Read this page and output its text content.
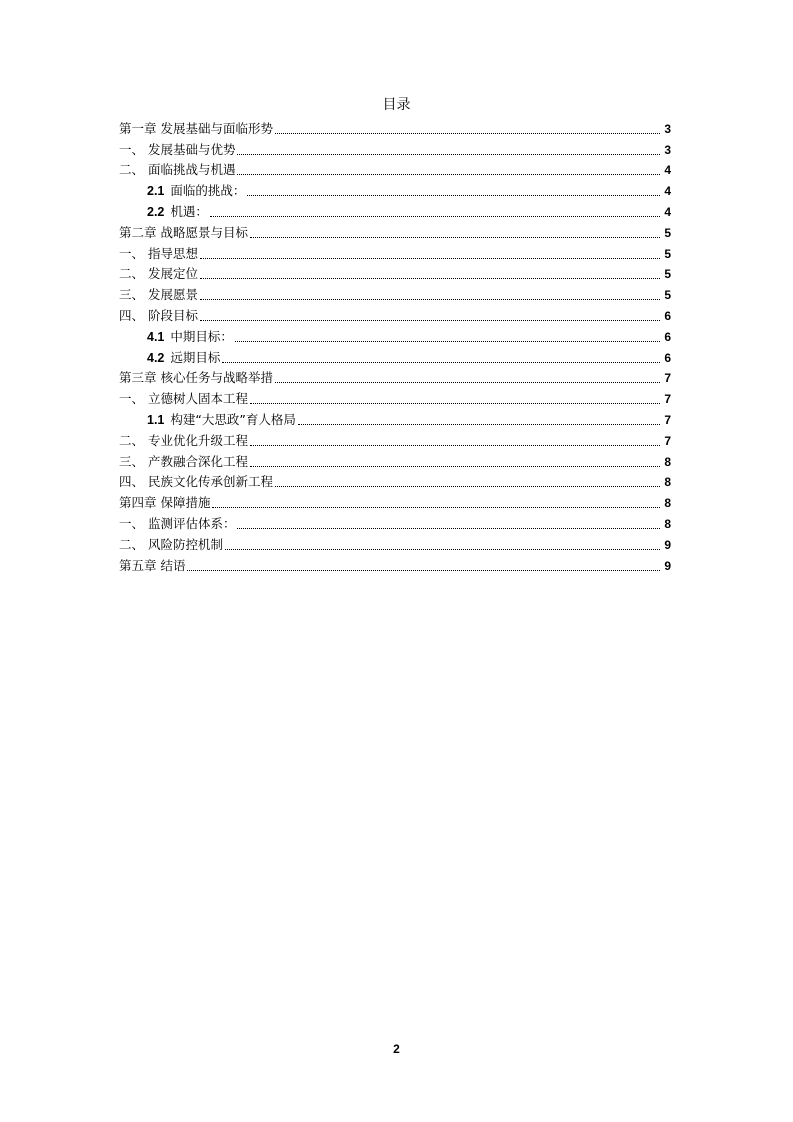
目录
第一章 发展基础与面临形势	3
一、 发展基础与优势	3
二、 面临挑战与机遇	4
2.1 面临的挑战：	4
2.2 机遇：	4
第二章 战略愿景与目标	5
一、 指导思想	5
二、 发展定位	5
三、 发展愿景	5
四、 阶段目标	6
4.1 中期目标：	6
4.2 远期目标	6
第三章 核心任务与战略举措	7
一、 立德树人固本工程	7
1.1 构建“大思政”育人格局	7
二、 专业优化升级工程	7
三、 产教融合深化工程	8
四、 民族文化传承创新工程	8
第四章 保障措施	8
一、 监测评估体系：	8
二、 风险防控机制	9
第五章 结语	9
2
